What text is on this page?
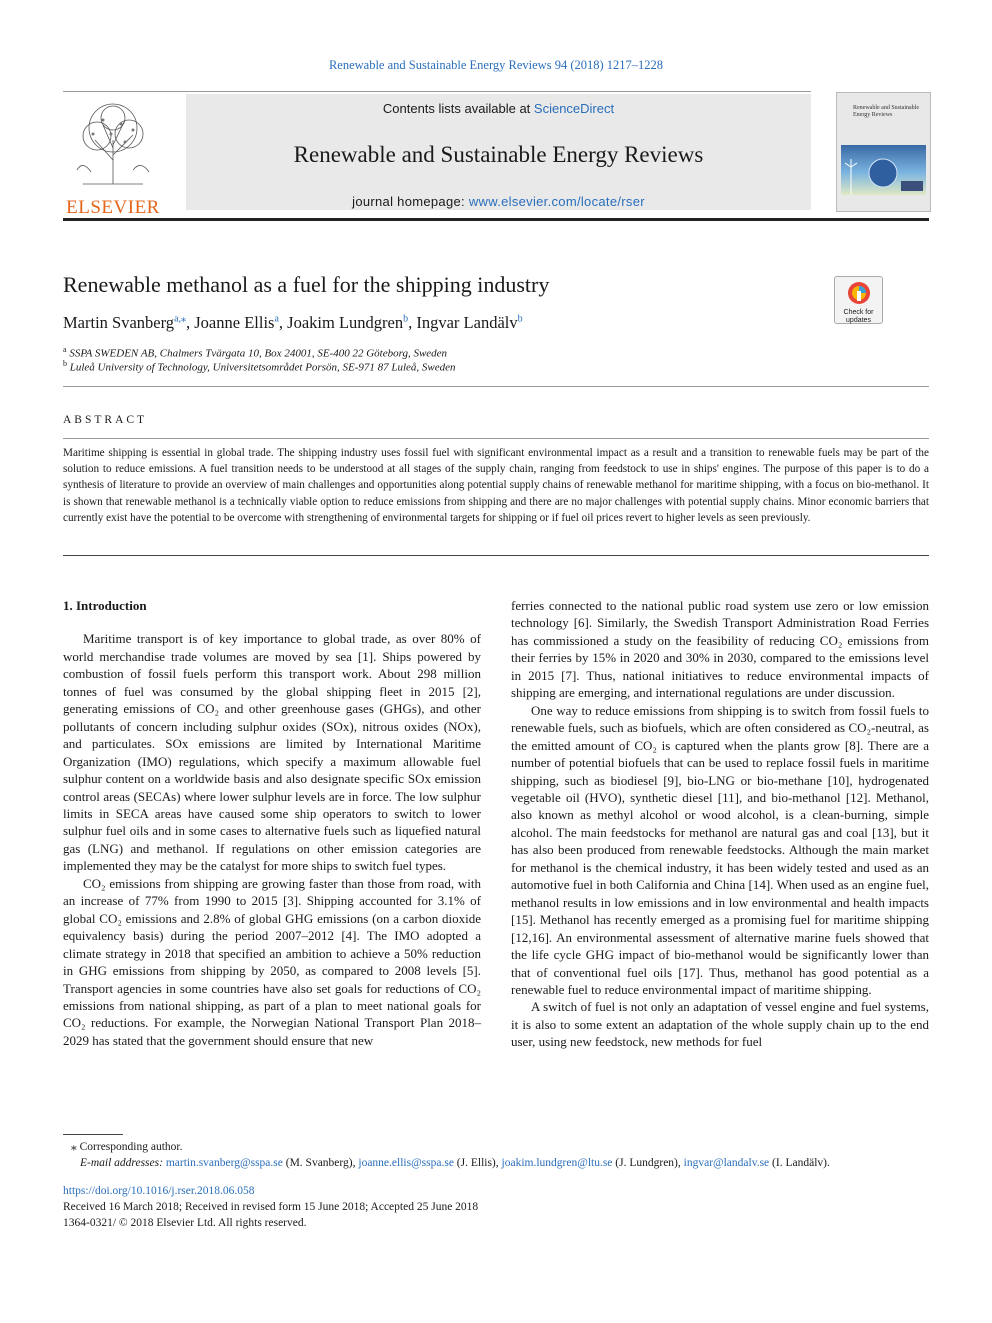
Renewable and Sustainable Energy Reviews 94 (2018) 1217–1228
ELSEVIER
Contents lists available at ScienceDirect
Renewable and Sustainable Energy Reviews
journal homepage: www.elsevier.com/locate/rser
Renewable and Sustainable Energy Reviews
Renewable methanol as a fuel for the shipping industry
Check for updates
Martin Svanberg$^{a,⁎}$, Joanne Ellis$^a$, Joakim Lundgren$^b$, Ingvar Landälv$^b$
$^a$ SSPA SWEDEN AB, Chalmers Tvärgata 10, Box 24001, SE-400 22 Göteborg, Sweden
$^b$ Luleå University of Technology, Universitetsområdet Porsön, SE-971 87 Luleå, Sweden
ABSTRACT
Maritime shipping is essential in global trade. The shipping industry uses fossil fuel with significant environmental impact as a result and a transition to renewable fuels may be part of the solution to reduce emissions. A fuel transition needs to be understood at all stages of the supply chain, ranging from feedstock to use in ships' engines. The purpose of this paper is to do a synthesis of literature to provide an overview of main challenges and opportunities along potential supply chains of renewable methanol for maritime shipping, with a focus on bio-methanol. It is shown that renewable methanol is a technically viable option to reduce emissions from shipping and there are no major challenges with potential supply chains. Minor economic barriers that currently exist have the potential to be overcome with strengthening of environmental targets for shipping or if fuel oil prices revert to higher levels as seen previously.

1. Introduction

Maritime transport is of key importance to global trade, as over 80% of world merchandise trade volumes are moved by sea [1]. Ships powered by combustion of fossil fuels perform this transport work. About 298 million tonnes of fuel was consumed by the global shipping fleet in 2015 [2], generating emissions of CO₂ and other greenhouse gases (GHGs), and other pollutants of concern including sulphur oxides (SOx), nitrous oxides (NOx), and particulates. SOx emissions are limited by International Maritime Organization (IMO) regulations, which specify a maximum allowable fuel sulphur content on a worldwide basis and also designate specific SOx emission control areas (SECAs) where lower sulphur levels are in force. The low sulphur limits in SECA areas have caused some ship operators to switch to lower sulphur fuel oils and in some cases to alternative fuels such as liquefied natural gas (LNG) and methanol. If regulations on other emission categories are implemented they may be the catalyst for more ships to switch fuel types.

CO₂ emissions from shipping are growing faster than those from road, with an increase of 77% from 1990 to 2015 [3]. Shipping accounted for 3.1% of global CO₂ emissions and 2.8% of global GHG emissions (on a carbon dioxide equivalency basis) during the period 2007–2012 [4]. The IMO adopted a climate strategy in 2018 that specified an ambition to achieve a 50% reduction in GHG emissions from shipping by 2050, as compared to 2008 levels [5]. Transport agencies in some countries have also set goals for reductions of CO₂ emissions from national shipping, as part of a plan to meet national goals for CO₂ reductions. For example, the Norwegian National Transport Plan 2018–2029 has stated that the government should ensure that new

ferries connected to the national public road system use zero or low emission technology [6]. Similarly, the Swedish Transport Administration Road Ferries has commissioned a study on the feasibility of reducing CO₂ emissions from their ferries by 15% in 2020 and 30% in 2030, compared to the emissions level in 2015 [7]. Thus, national initiatives to reduce environmental impacts of shipping are emerging, and international regulations are under discussion.

One way to reduce emissions from shipping is to switch from fossil fuels to renewable fuels, such as biofuels, which are often considered as CO₂-neutral, as the emitted amount of CO₂ is captured when the plants grow [8]. There are a number of potential biofuels that can be used to replace fossil fuels in maritime shipping, such as biodiesel [9], bio-LNG or bio-methane [10], hydrogenated vegetable oil (HVO), synthetic diesel [11], and bio-methanol [12]. Methanol, also known as methyl alcohol or wood alcohol, is a clean-burning, simple alcohol. The main feedstocks for methanol are natural gas and coal [13], but it has also been produced from renewable feedstocks. Although the main market for methanol is the chemical industry, it has been widely tested and used as an automotive fuel in both California and China [14]. When used as an engine fuel, methanol results in low emissions and in low environmental and health impacts [15]. Methanol has recently emerged as a promising fuel for maritime shipping [12,16]. An environmental assessment of alternative marine fuels showed that the life cycle GHG impact of bio-methanol would be significantly lower than that of conventional fuel oils [17]. Thus, methanol has good potential as a renewable fuel to reduce environmental impact of maritime shipping.

A switch of fuel is not only an adaptation of vessel engine and fuel systems, it is also to some extent an adaptation of the whole supply chain up to the end user, using new feedstock, new methods for fuel

⁎ Corresponding author.
E-mail addresses: martin.svanberg@sspa.se (M. Svanberg), joanne.ellis@sspa.se (J. Ellis), joakim.lundgren@ltu.se (J. Lundgren), ingvar@landalv.se (I. Landälv).
https://doi.org/10.1016/j.rser.2018.06.058
Received 16 March 2018; Received in revised form 15 June 2018; Accepted 25 June 2018
1364-0321/ © 2018 Elsevier Ltd. All rights reserved.
